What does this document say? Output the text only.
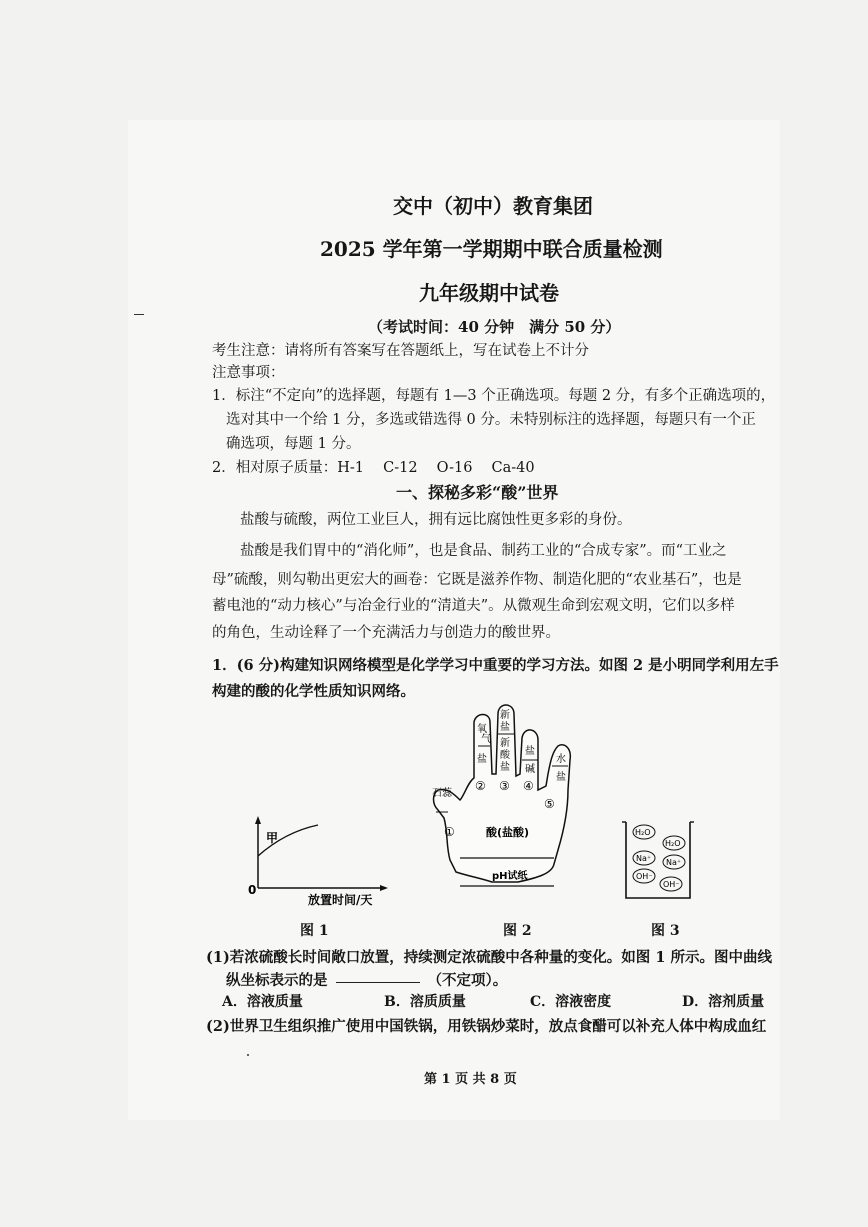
交中（初中）教育集团
2025 学年第一学期期中联合质量检测
九年级期中试卷
（考试时间：40 分钟　满分 50 分）
考生注意：请将所有答案写在答题纸上，写在试卷上不计分
注意事项：
1．标注“不定向”的选择题，每题有 1—3 个正确选项。每题 2 分，有多个正确选项的，
选对其中一个给 1 分，多选或错选得 0 分。未特别标注的选择题，每题只有一个正
确选项，每题 1 分。
2．相对原子质量：H-1　 C-12　 O-16　 Ca-40
一、探秘多彩“酸”世界
盐酸与硫酸，两位工业巨人，拥有远比腐蚀性更多彩的身份。
盐酸是我们胃中的“消化师”，也是食品、制药工业的“合成专家”。而“工业之
母”硫酸，则勾勒出更宏大的画卷：它既是滋养作物、制造化肥的“农业基石”，也是
蓄电池的“动力核心”与冶金行业的“清道夫”。从微观生命到宏观文明，它们以多样
的角色，生动诠释了一个充满活力与创造力的酸世界。
1．(6 分)构建知识网络模型是化学学习中重要的学习方法。如图 2 是小明同学利用左手
构建的酸的化学性质知识网络。
甲
0
放置时间/天
图 1
石蕊
氧
气
盐
新
盐
新
酸
盐
盐
碱
水
盐
①
② ③ ④
⑤
酸(盐酸)
pH试纸
图 2
H₂O
H₂O
Na⁺ Na⁺
OH⁻
OH⁻
图 3
(1)若浓硫酸长时间敞口放置，持续测定浓硫酸中各种量的变化。如图 1 所示。图中曲线
纵坐标表示的是	（不定项）。
A．溶液质量	B．溶质质量	C．溶液密度	D．溶剂质量
(2)世界卫生组织推广使用中国铁锅，用铁锅炒菜时，放点食醋可以补充人体中构成血红
第 1 页 共 8 页
